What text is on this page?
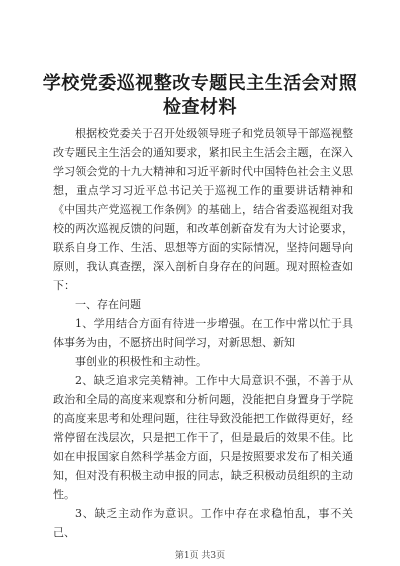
学校党委巡视整改专题民主生活会对照检查材料

根据校党委关于召开处级领导班子和党员领导干部巡视整改专题民主生活会的通知要求，紧扣民主生活会主题，在深入学习领会党的十九大精神和习近平新时代中国特色社会主义思想，重点学习习近平总书记关于巡视工作的重要讲话精神和《中国共产党巡视工作条例》的基础上，结合省委巡视组对我校的两次巡视反馈的问题，和改革创新奋发有为大讨论要求，联系自身工作、生活、思想等方面的实际情况，坚持问题导向原则，我认真查摆，深入剖析自身存在的问题。现对照检查如下：

一、存在问题

1、学用结合方面有待进一步增强。在工作中常以忙于具体事务为由，不愿挤出时间学习，对新思想、新知

事创业的积极性和主动性。

2、缺乏追求完美精神。工作中大局意识不强，不善于从政治和全局的高度来观察和分析问题，没能把自身置身于学院的高度来思考和处理问题，往往导致没能把工作做得更好，经常停留在浅层次，只是把工作干了，但是最后的效果不佳。比如在申报国家自然科学基金方面，只是按照要求发布了相关通知，但对没有积极主动申报的同志，缺乏积极动员组织的主动性。

3、缺乏主动作为意识。工作中存在求稳怕乱，事不关己、

第1页 共3页
